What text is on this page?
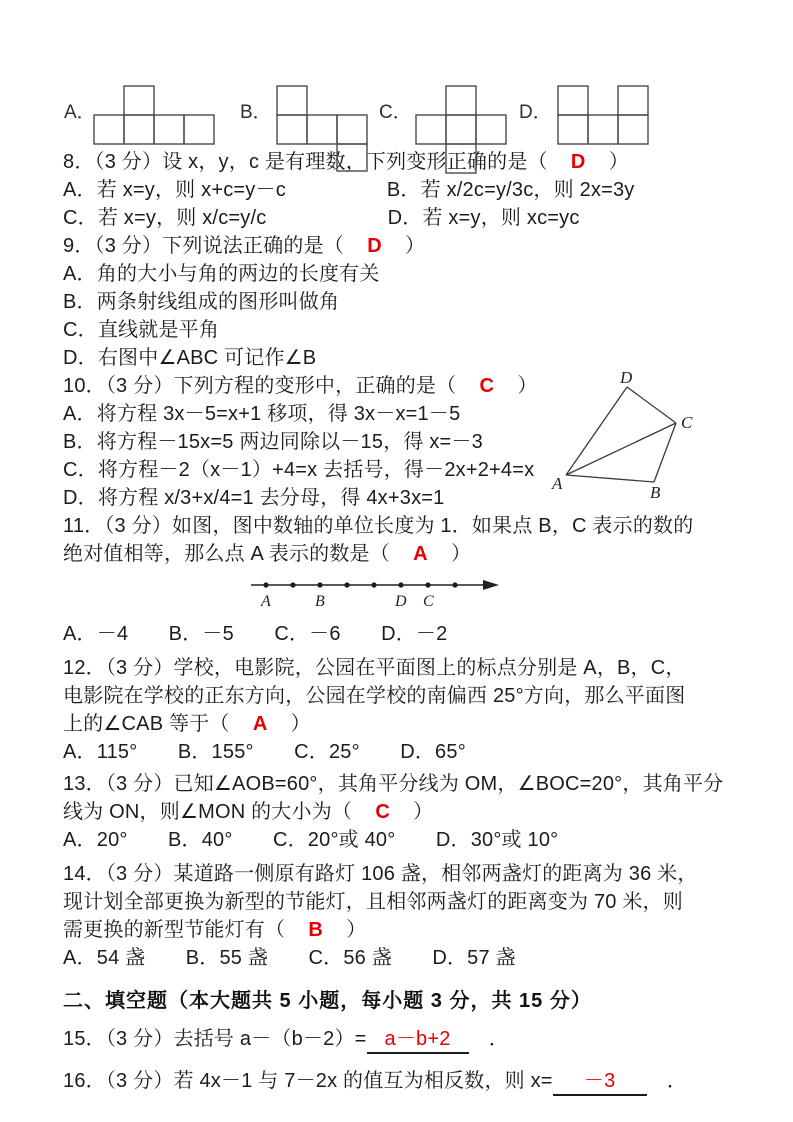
A．	B．	C．	D．
8．（3 分）设 x，y，c 是有理数，下列变形正确的是（　D　）
A．若 x=y，则 x+c=y－c　　　　　B．若 x/2c=y/3c，则 2x=3y
C．若 x=y，则 x/c=y/c　　　　　　D．若 x=y，则 xc=yc
9．（3 分）下列说法正确的是（　D　）
A．角的大小与角的两边的长度有关
B．两条射线组成的图形叫做角
C．直线就是平角
D．右图中∠ABC 可记作∠B
D
C
A	B
10．（3 分）下列方程的变形中，正确的是（　C　）
A．将方程 3x－5=x+1 移项，得 3x－x=1－5
B．将方程－15x=5 两边同除以－15，得 x=－3
C．将方程－2（x－1）+4=x 去括号，得－2x+2+4=x
D．将方程 x/3+x/4=1 去分母，得 4x+3x=1
11．（3 分）如图，图中数轴的单位长度为 1．如果点 B，C 表示的数的
绝对值相等，那么点 A 表示的数是（　A　）
A	B	D C
A．－4　　B．－5　　C．－6　　D．－2
12．（3 分）学校，电影院，公园在平面图上的标点分别是 A，B，C，
电影院在学校的正东方向，公园在学校的南偏西 25°方向，那么平面图
上的∠CAB 等于（　A　）
A．115°　　B．155°　　C．25°　　D．65°
13．（3 分）已知∠AOB=60°，其角平分线为 OM，∠BOC=20°，其角平分
线为 ON，则∠MON 的大小为（　C　）
A．20°　　B．40°　　C．20°或 40°　　D．30°或 10°
14．（3 分）某道路一侧原有路灯 106 盏，相邻两盏灯的距离为 36 米，
现计划全部更换为新型的节能灯，且相邻两盏灯的距离变为 70 米，则
需更换的新型节能灯有（　B　）
A．54 盏　　B．55 盏　　C．56 盏　　D．57 盏
二、填空题（本大题共 5 小题，每小题 3 分，共 15 分）
15．（3 分）去括号 a－（b－2）= a－b+2　．
16．（3 分）若 4x－1 与 7－2x 的值互为相反数，则 x= －3　．
